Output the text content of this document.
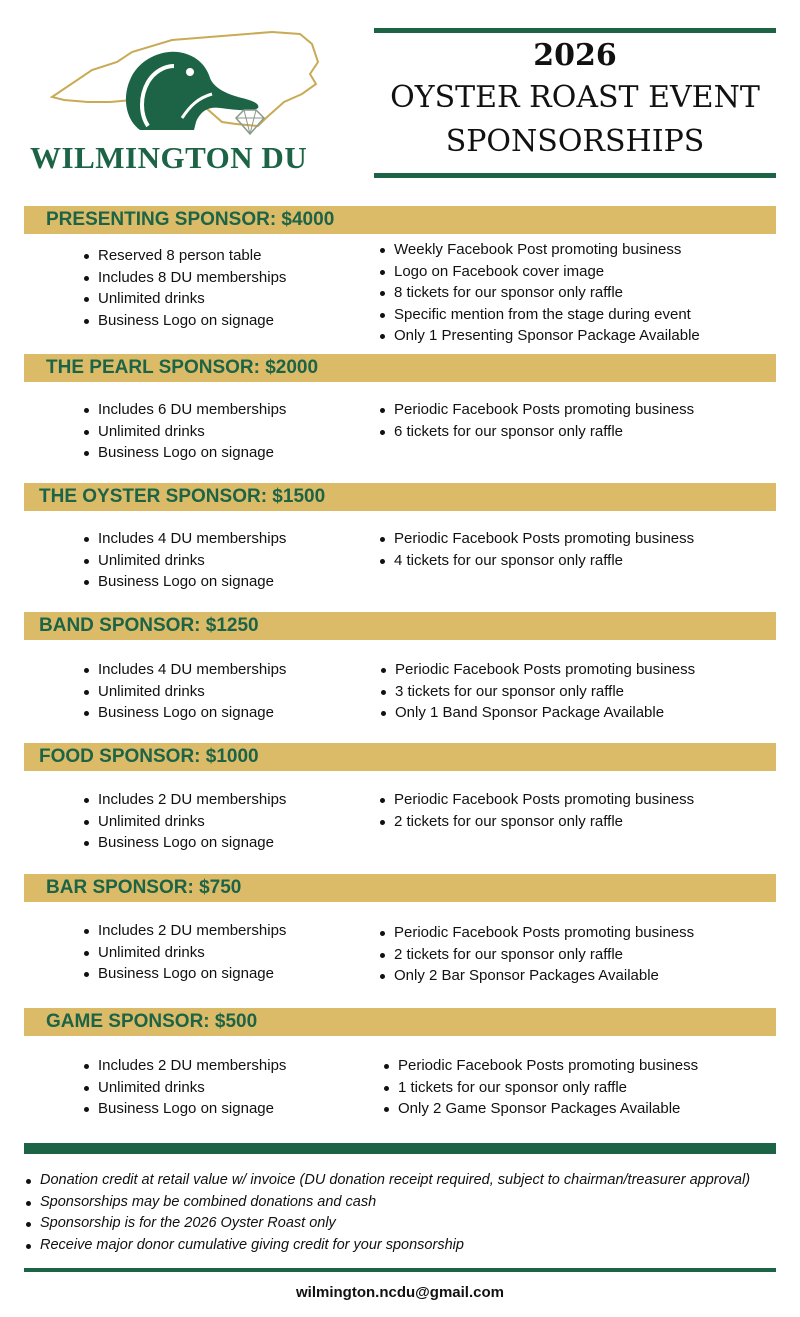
®
WILMINGTON DU
2026
OYSTER ROAST EVENT
SPONSORSHIPS
PRESENTING SPONSOR: $4000
Reserved 8 person table
Includes 8 DU memberships
Unlimited drinks
Business Logo on signage
Weekly Facebook Post promoting business
Logo on Facebook cover image
8 tickets for our sponsor only raffle
Specific mention from the stage during event
Only 1 Presenting Sponsor Package Available
THE PEARL SPONSOR: $2000
Includes 6 DU memberships
Unlimited drinks
Business Logo on signage
Periodic Facebook Posts promoting business
6 tickets for our sponsor only raffle
THE OYSTER SPONSOR: $1500
Includes 4 DU memberships
Unlimited drinks
Business Logo on signage
Periodic Facebook Posts promoting business
4 tickets for our sponsor only raffle
BAND SPONSOR: $1250
Includes 4 DU memberships
Unlimited drinks
Business Logo on signage
Periodic Facebook Posts promoting business
3 tickets for our sponsor only raffle
Only 1 Band Sponsor Package Available
FOOD SPONSOR: $1000
Includes 2 DU memberships
Unlimited drinks
Business Logo on signage
Periodic Facebook Posts promoting business
2 tickets for our sponsor only raffle
BAR SPONSOR: $750
Includes 2 DU memberships
Unlimited drinks
Business Logo on signage
Periodic Facebook Posts promoting business
2 tickets for our sponsor only raffle
Only 2 Bar Sponsor Packages Available
GAME SPONSOR: $500
Includes 2 DU memberships
Unlimited drinks
Business Logo on signage
Periodic Facebook Posts promoting business
1 tickets for our sponsor only raffle
Only 2 Game Sponsor Packages Available
Donation credit at retail value w/ invoice (DU donation receipt required, subject to chairman/treasurer approval)
Sponsorships may be combined donations and cash
Sponsorship is for the 2026 Oyster Roast only
Receive major donor cumulative giving credit for your sponsorship
wilmington.ncdu@gmail.com
